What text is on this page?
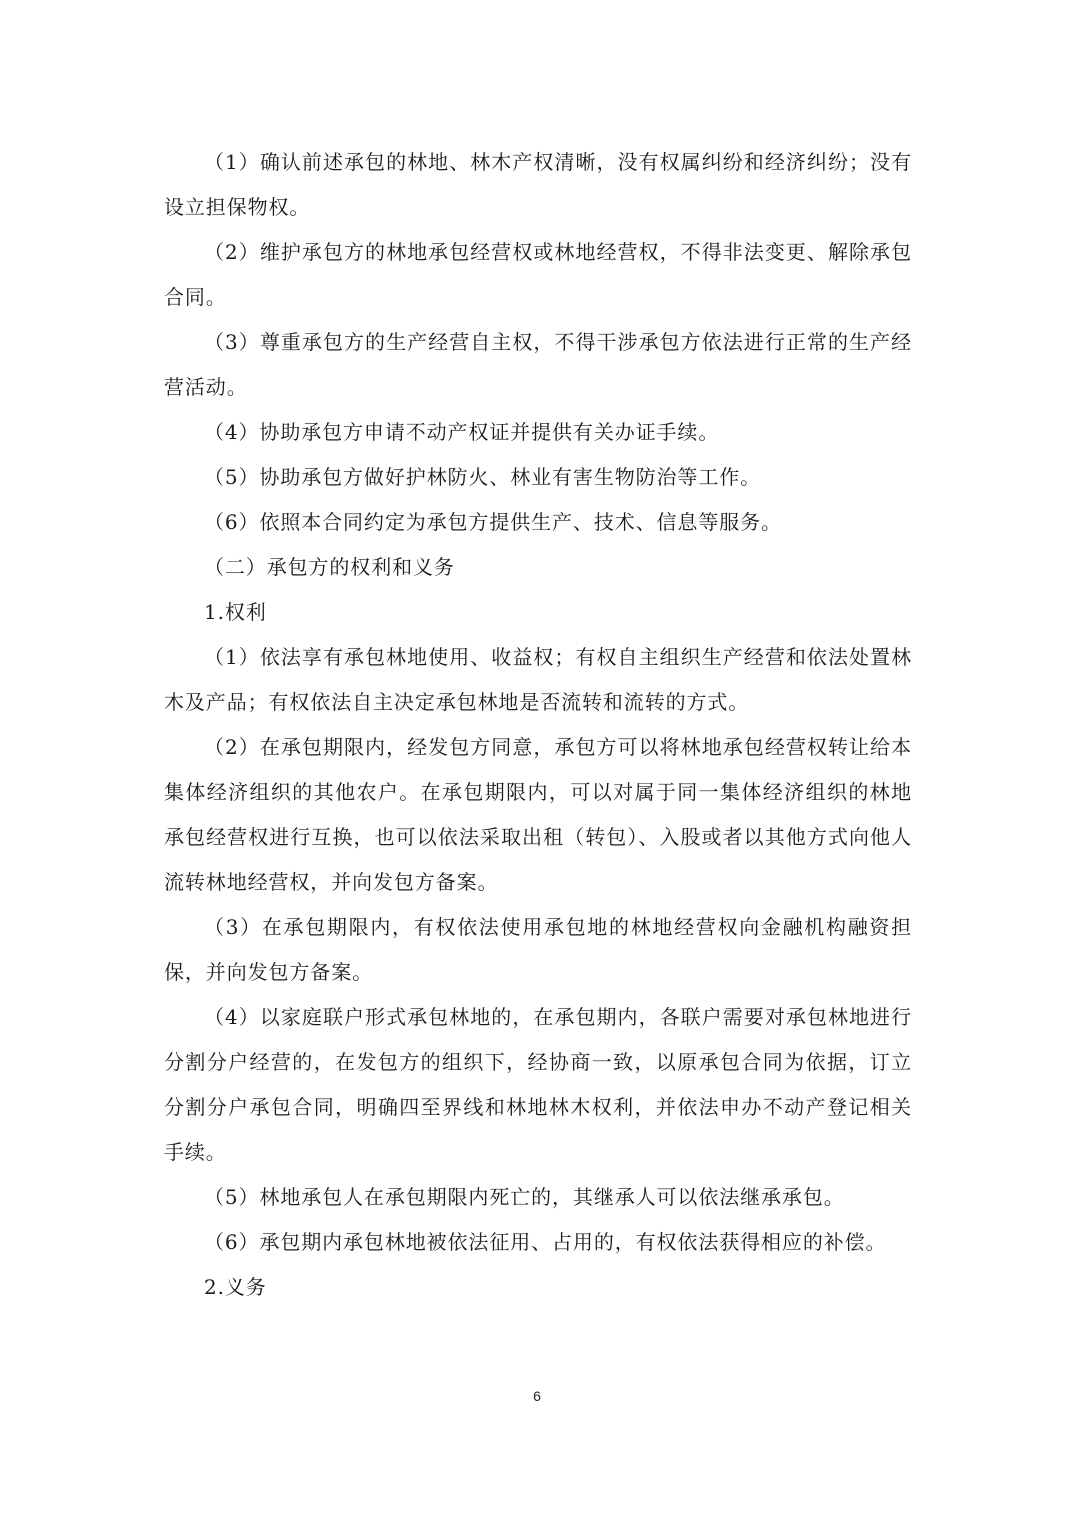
（1）确认前述承包的林地、林木产权清晰，没有权属纠纷和经济纠纷；没有设立担保物权。

（2）维护承包方的林地承包经营权或林地经营权，不得非法变更、解除承包合同。

（3）尊重承包方的生产经营自主权，不得干涉承包方依法进行正常的生产经营活动。

（4）协助承包方申请不动产权证并提供有关办证手续。

（5）协助承包方做好护林防火、林业有害生物防治等工作。

（6）依照本合同约定为承包方提供生产、技术、信息等服务。

（二）承包方的权利和义务

1.权利

（1）依法享有承包林地使用、收益权；有权自主组织生产经营和依法处置林木及产品；有权依法自主决定承包林地是否流转和流转的方式。

（2）在承包期限内，经发包方同意，承包方可以将林地承包经营权转让给本集体经济组织的其他农户。在承包期限内，可以对属于同一集体经济组织的林地承包经营权进行互换，也可以依法采取出租（转包）、入股或者以其他方式向他人流转林地经营权，并向发包方备案。

（3）在承包期限内，有权依法使用承包地的林地经营权向金融机构融资担保，并向发包方备案。

（4）以家庭联户形式承包林地的，在承包期内，各联户需要对承包林地进行分割分户经营的，在发包方的组织下，经协商一致，以原承包合同为依据，订立分割分户承包合同，明确四至界线和林地林木权利，并依法申办不动产登记相关手续。

（5）林地承包人在承包期限内死亡的，其继承人可以依法继承承包。

（6）承包期内承包林地被依法征用、占用的，有权依法获得相应的补偿。

2.义务

6
